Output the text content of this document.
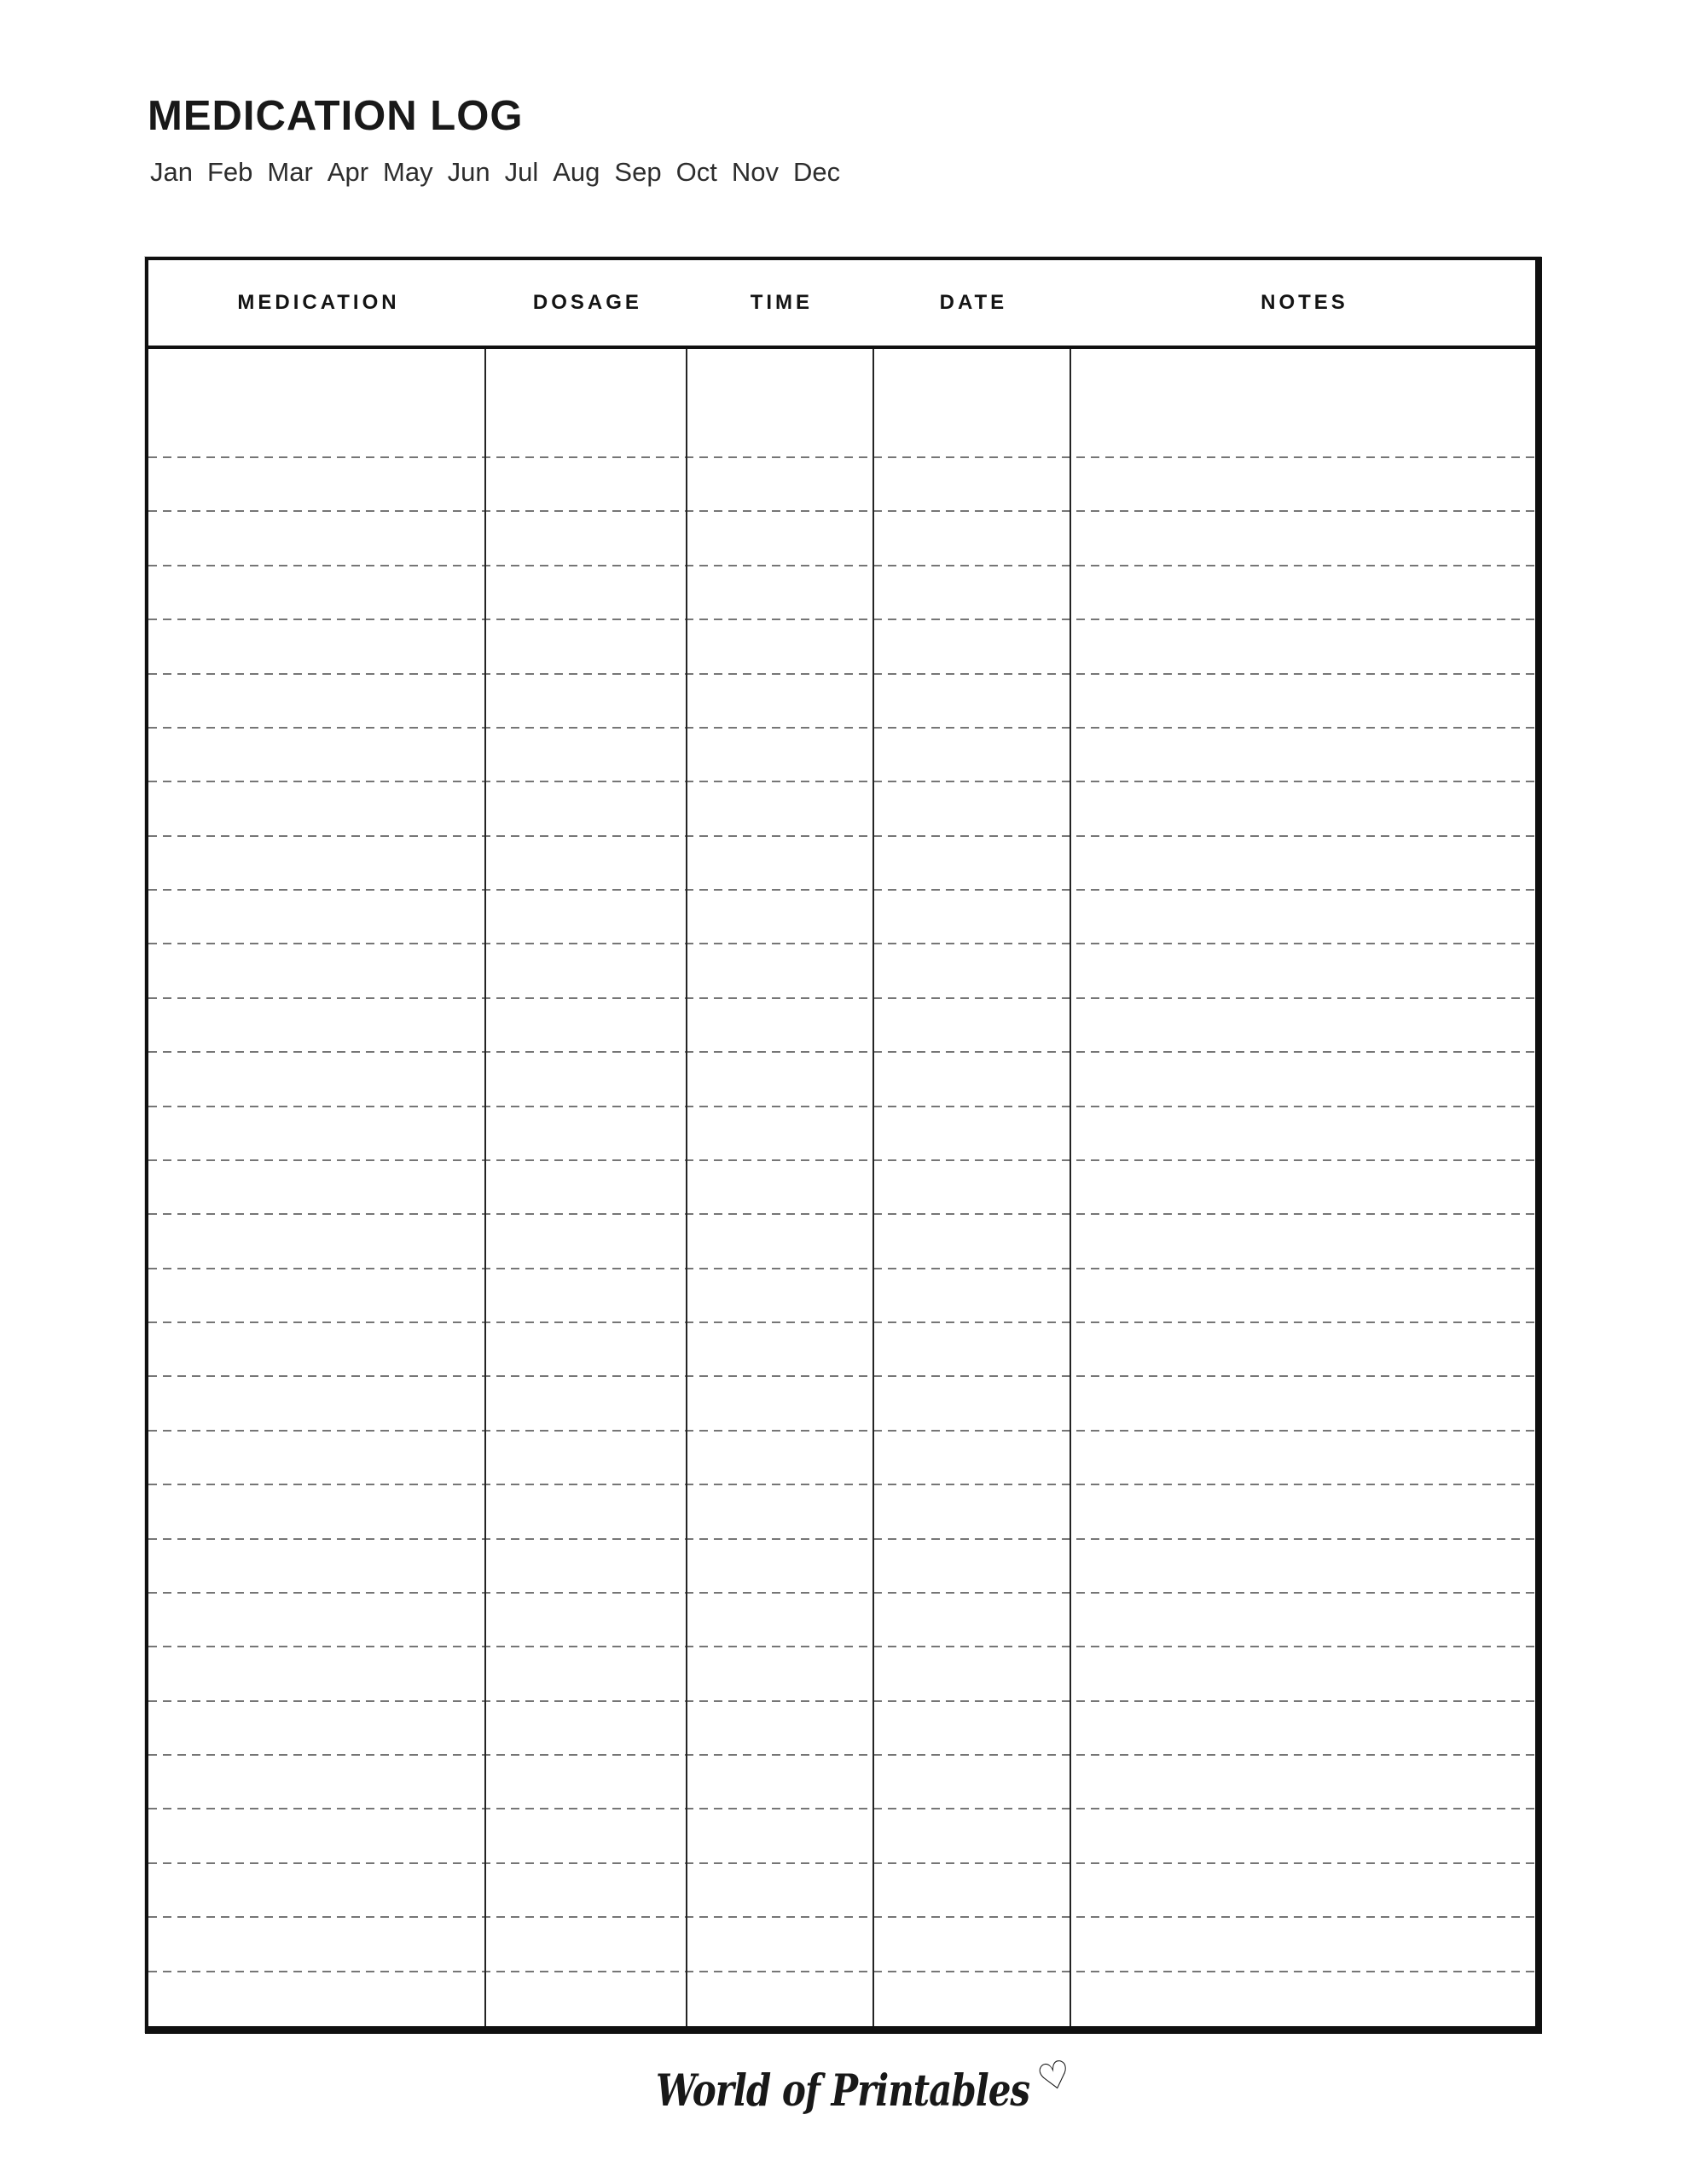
MEDICATION LOG
Jan Feb Mar Apr May Jun Jul Aug Sep Oct Nov Dec
MEDICATION	DOSAGE	TIME	DATE	NOTES
World of Printables ♡
